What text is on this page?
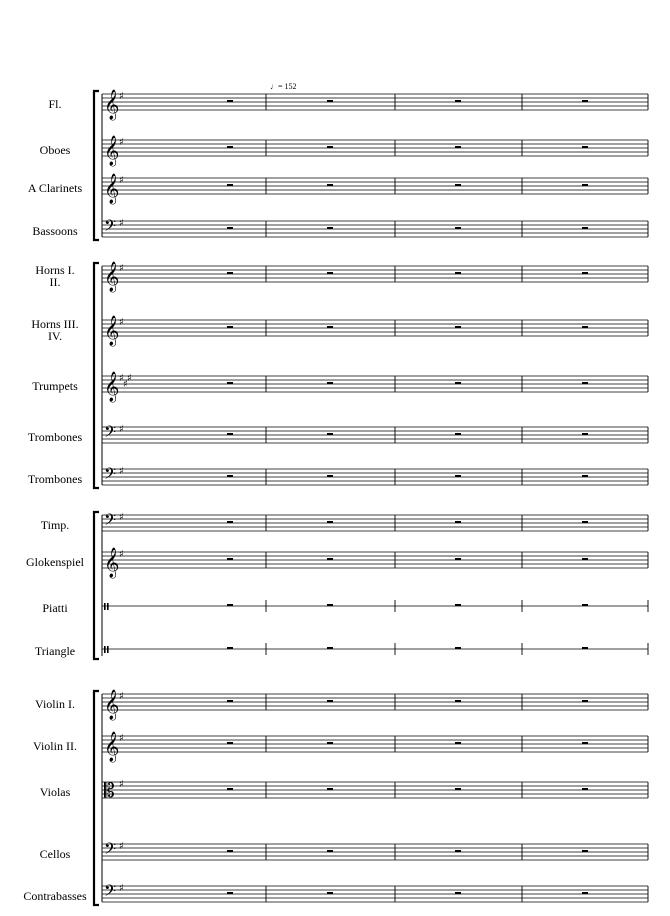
♩= 152
Fl. 𝄞 ♯
Oboes 𝄞 ♯
A Clarinets 𝄞 ♯
Bassoons 𝄢 ♯
Horns I.
II. 𝄞 ♯
Horns III.
IV. 𝄞 ♯
Trumpets 𝄞 ♯
♯
♯
Trombones 𝄢 ♯
Trombones 𝄢 ♯
Timp. 𝄢 ♯
Glokenspiel 𝄞 ♯
Piatti
Triangle
Violin I. 𝄞 ♯
Violin II. 𝄞 ♯
Violas 𝄡 ♯
Cellos 𝄢 ♯
Contrabasses 𝄢 ♯
